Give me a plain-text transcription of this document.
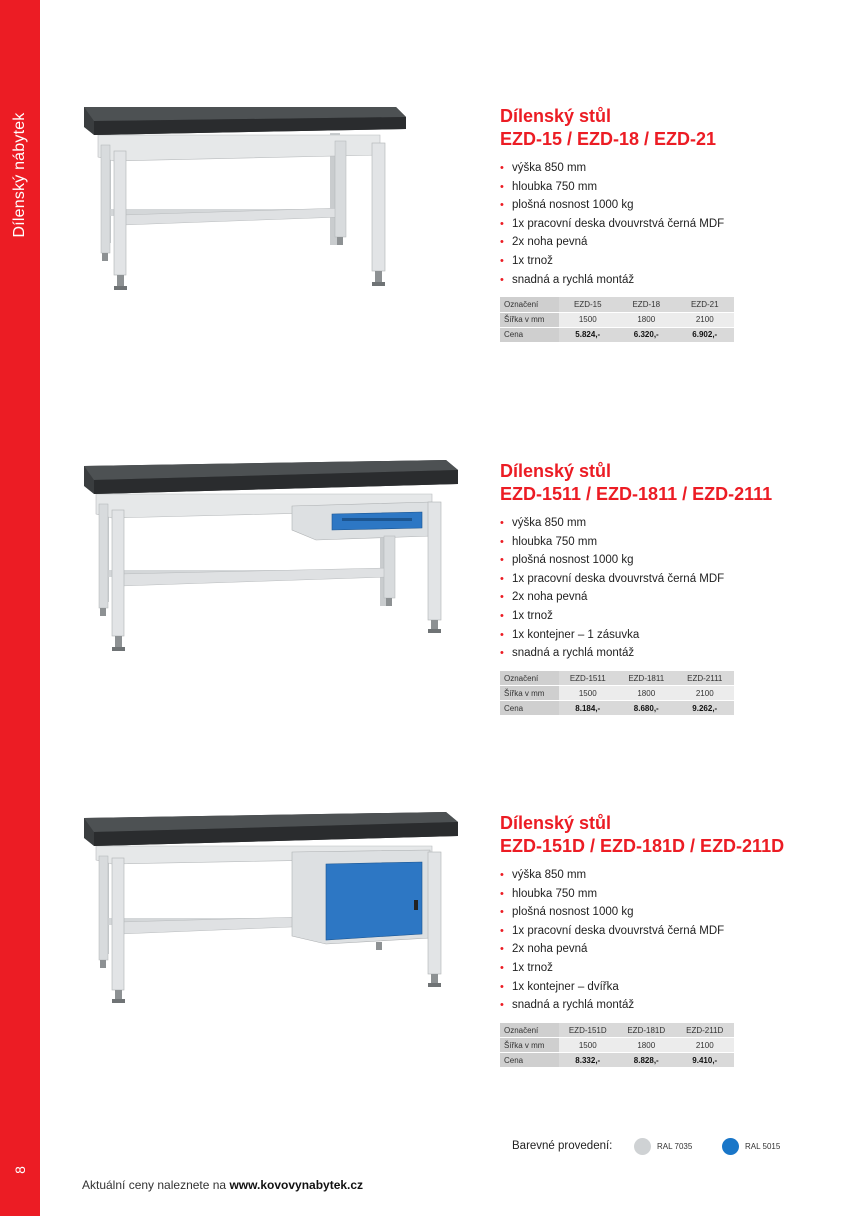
Dílenský nábytek
8
Dílenský stůl
EZD-15 / EZD-18 / EZD-21
• výška 850 mm
• hloubka 750 mm
• plošná nosnost 1000 kg
• 1x pracovní deska dvouvrstvá černá MDF
• 2x noha pevná
• 1x trnož
• snadná a rychlá montáž
Označení	EZD-15	EZD-18	EZD-21
Šířka v mm	1500	1800	2100
Cena	5.824,-	6.320,-	6.902,-
Dílenský stůl
EZD-1511 / EZD-1811 / EZD-2111
• výška 850 mm
• hloubka 750 mm
• plošná nosnost 1000 kg
• 1x pracovní deska dvouvrstvá černá MDF
• 2x noha pevná
• 1x trnož
• 1x kontejner – 1 zásuvka
• snadná a rychlá montáž
Označení	EZD-1511	EZD-1811	EZD-2111
Šířka v mm	1500	1800	2100
Cena	8.184,-	8.680,-	9.262,-
Dílenský stůl
EZD-151D / EZD-181D / EZD-211D
• výška 850 mm
• hloubka 750 mm
• plošná nosnost 1000 kg
• 1x pracovní deska dvouvrstvá černá MDF
• 2x noha pevná
• 1x trnož
• 1x kontejner – dvířka
• snadná a rychlá montáž
Označení	EZD-151D	EZD-181D	EZD-211D
Šířka v mm	1500	1800	2100
Cena	8.332,-	8.828,-	9.410,-
Barevné provedení:	RAL 7035	RAL 5015
Aktuální ceny naleznete na www.kovovynabytek.cz
